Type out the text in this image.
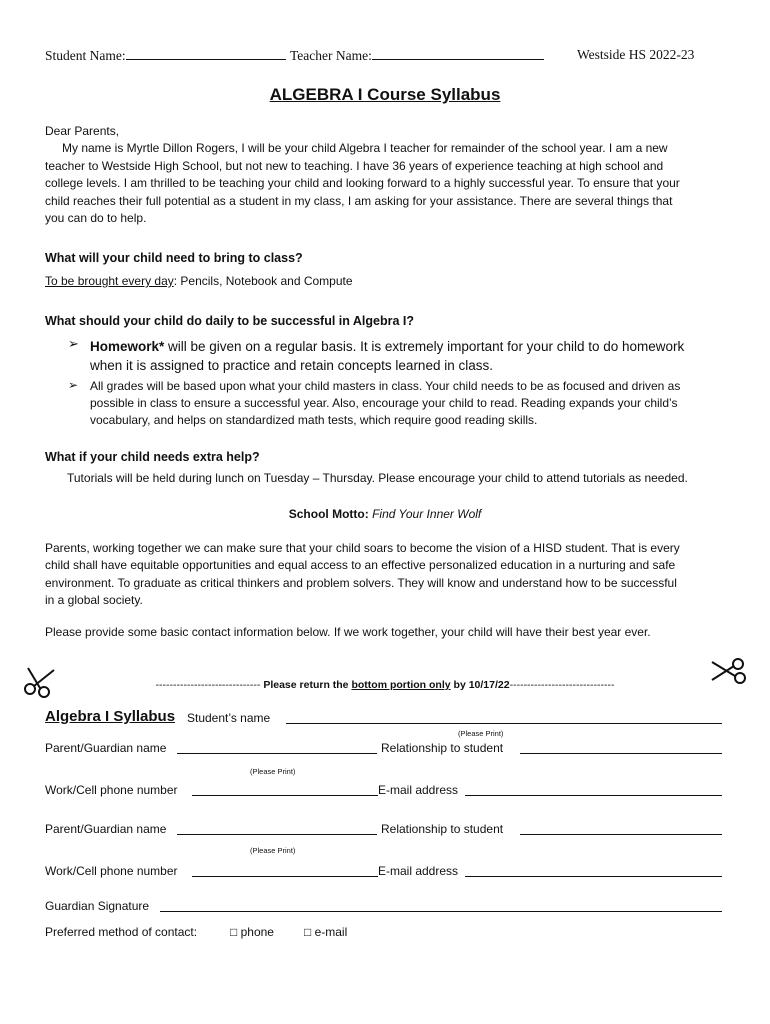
Student Name:	Teacher Name:	Westside HS 2022-23
ALGEBRA I Course Syllabus
Dear Parents,
My name is Myrtle Dillon Rogers, I will be your child Algebra I teacher for remainder of the school year. I am a new
teacher to Westside High School, but not new to teaching. I have 36 years of experience teaching at high school and
college levels. I am thrilled to be teaching your child and looking forward to a highly successful year. To ensure that your
child reaches their full potential as a student in my class, I am asking for your assistance. There are several things that
you can do to help.
What will your child need to bring to class?
To be brought every day: Pencils, Notebook and Compute
What should your child do daily to be successful in Algebra I?
➢ Homework* will be given on a regular basis. It is extremely important for your child to do homework
when it is assigned to practice and retain concepts learned in class.
➢ All grades will be based upon what your child masters in class. Your child needs to be as focused and driven as
possible in class to ensure a successful year. Also, encourage your child to read. Reading expands your child’s
vocabulary, and helps on standardized math tests, which require good reading skills.
What if your child needs extra help?
Tutorials will be held during lunch on Tuesday – Thursday. Please encourage your child to attend tutorials as needed.
School Motto: Find Your Inner Wolf
Parents, working together we can make sure that your child soars to become the vision of a HISD student. That is every
child shall have equitable opportunities and equal access to an effective personalized education in a nurturing and safe
environment. To graduate as critical thinkers and problem solvers. They will know and understand how to be successful
in a global society.
Please provide some basic contact information below. If we work together, your child will have their best year ever.
------------------------------ Please return the bottom portion only by 10/17/22------------------------------
Algebra I Syllabus Student’s name
(Please Print)
Parent/Guardian name	Relationship to student
(Please Print)
Work/Cell phone number	E-mail address
Parent/Guardian name	Relationship to student
(Please Print)
Work/Cell phone number	E-mail address
Guardian Signature
Preferred method of contact:	□ phone	□ e-mail
